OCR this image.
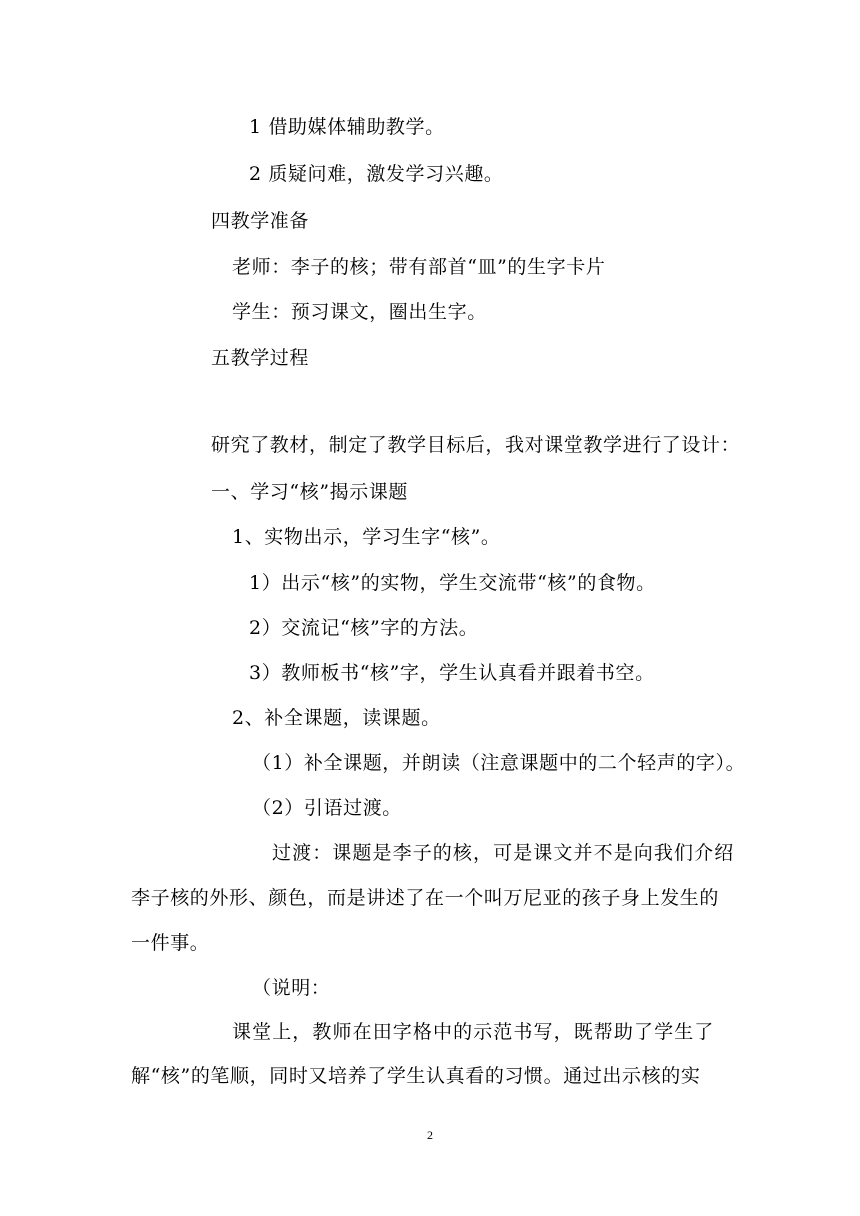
1 借助媒体辅助教学。
2 质疑问难，激发学习兴趣。
四教学准备
老师：李子的核；带有部首“皿”的生字卡片
学生：预习课文，圈出生字。
五教学过程
研究了教材，制定了教学目标后，我对课堂教学进行了设计：
一、学习“核”揭示课题
1、实物出示，学习生字“核”。
1）出示“核”的实物，学生交流带“核”的食物。
2）交流记“核”字的方法。
3）教师板书“核”字，学生认真看并跟着书空。
2、补全课题，读课题。
（1）补全课题，并朗读（注意课题中的二个轻声的字）。
（2）引语过渡。
过渡：课题是李子的核，可是课文并不是向我们介绍
李子核的外形、颜色，而是讲述了在一个叫万尼亚的孩子身上发生的
一件事。
（说明：
课堂上，教师在田字格中的示范书写，既帮助了学生了
解“核”的笔顺，同时又培养了学生认真看的习惯。通过出示核的实
2
